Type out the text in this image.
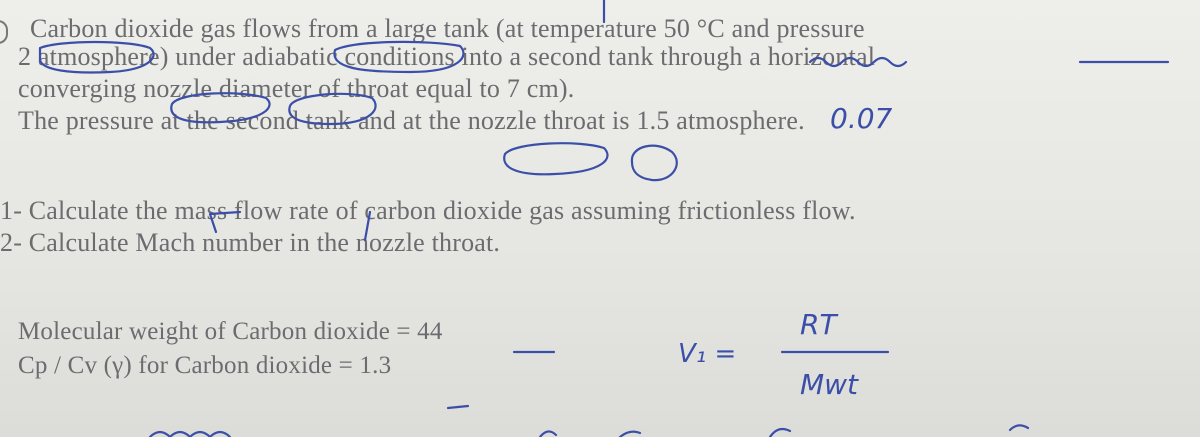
Carbon dioxide gas flows from a large tank (at temperature 50 °C and pressure
2 atmosphere) under adiabatic conditions into a second tank through a horizontal
converging nozzle diameter of throat equal to 7 cm).
The pressure at the second tank and at the nozzle throat is 1.5 atmosphere.
1- Calculate the mass flow rate of carbon dioxide gas assuming frictionless flow.
2- Calculate Mach number in the nozzle throat.
Molecular weight of Carbon dioxide = 44
Cp / Cv (γ) for Carbon dioxide = 1.3
0.07
V₁ =
RT
Mwt
